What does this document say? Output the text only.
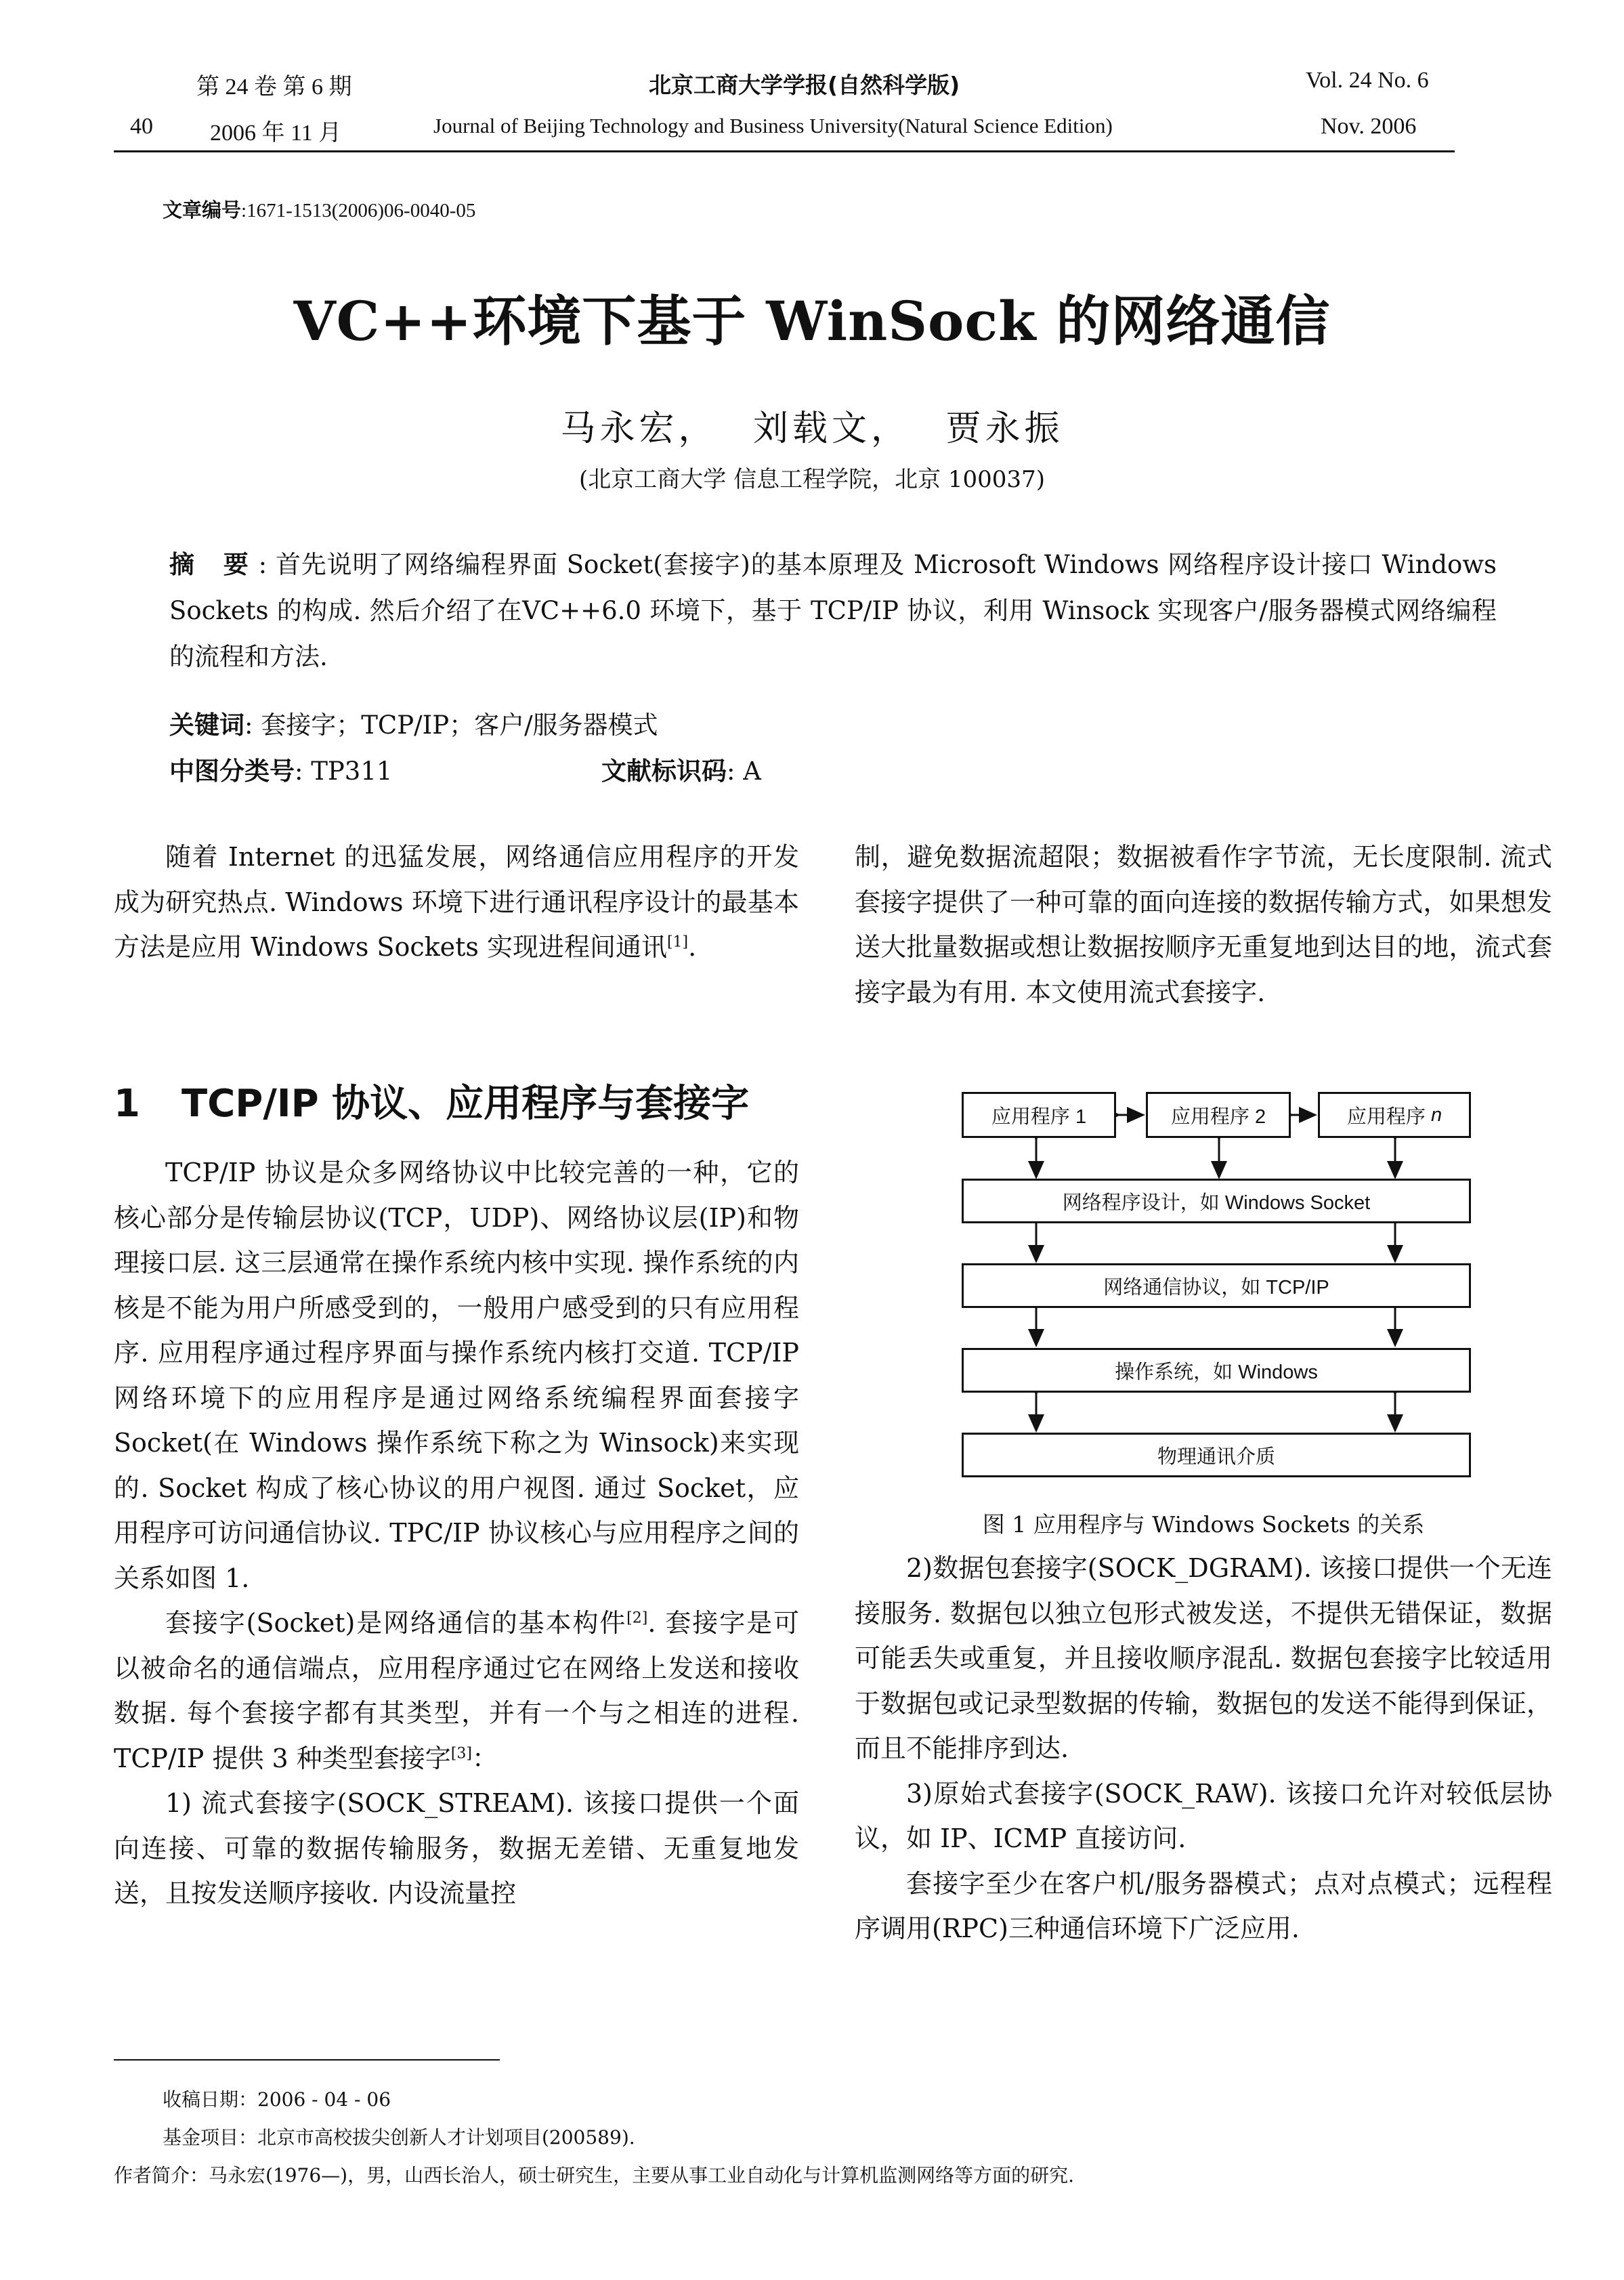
第 24 卷 第 6 期	北京工商大学学报(自然科学版)	Vol. 24 No. 6
40 2006 年 11 月	Journal of Beijing Technology and Business University(Natural Science Edition)	Nov. 2006
文章编号:1671-1513(2006)06-0040-05
VC++环境下基于 WinSock 的网络通信
马永宏， 刘载文， 贾永振
(北京工商大学 信息工程学院，北京 100037)
摘 要: 首先说明了网络编程界面 Socket(套接字)的基本原理及 Microsoft Windows 网络程序设计接口 Windows Sockets 的构成. 然后介绍了在VC++6.0 环境下，基于 TCP/IP 协议，利用 Winsock 实现客户/服务器模式网络编程的流程和方法.
关键词: 套接字；TCP/IP；客户/服务器模式
中图分类号: TP311	文献标识码: A

随着 Internet 的迅猛发展，网络通信应用程序的开发成为研究热点. Windows 环境下进行通讯程序设计的最基本方法是应用 Windows Sockets 实现进程间通讯[1].

1 TCP/IP 协议、应用程序与套接字

TCP/IP 协议是众多网络协议中比较完善的一种，它的核心部分是传输层协议(TCP，UDP)、网络协议层(IP)和物理接口层. 这三层通常在操作系统内核中实现. 操作系统的内核是不能为用户所感受到的，一般用户感受到的只有应用程序. 应用程序通过程序界面与操作系统内核打交道. TCP/IP 网络环境下的应用程序是通过网络系统编程界面套接字 Socket(在 Windows 操作系统下称之为 Winsock)来实现的. Socket 构成了核心协议的用户视图. 通过 Socket，应用程序可访问通信协议. TPC/IP 协议核心与应用程序之间的关系如图 1.

套接字(Socket)是网络通信的基本构件[2]. 套接字是可以被命名的通信端点，应用程序通过它在网络上发送和接收数据. 每个套接字都有其类型，并有一个与之相连的进程. TCP/IP 提供 3 种类型套接字[3]：

1) 流式套接字(SOCK_STREAM). 该接口提供一个面向连接、可靠的数据传输服务，数据无差错、无重复地发送，且按发送顺序接收. 内设流量控

制，避免数据流超限；数据被看作字节流，无长度限制. 流式套接字提供了一种可靠的面向连接的数据传输方式，如果想发送大批量数据或想让数据按顺序无重复地到达目的地，流式套接字最为有用. 本文使用流式套接字.

应用程序 1	应用程序 2	应用程序
n
网络程序设计，如 Windows Socket
网络通信协议，如 TCP/IP
操作系统，如 Windows
物理通讯介质
图 1 应用程序与 Windows Sockets 的关系

2)数据包套接字(SOCK_DGRAM). 该接口提供一个无连接服务. 数据包以独立包形式被发送，不提供无错保证，数据可能丢失或重复，并且接收顺序混乱. 数据包套接字比较适用于数据包或记录型数据的传输，数据包的发送不能得到保证，而且不能排序到达.

3)原始式套接字(SOCK_RAW). 该接口允许对较低层协议，如 IP、ICMP 直接访问.

套接字至少在客户机/服务器模式；点对点模式；远程程序调用(RPC)三种通信环境下广泛应用.

收稿日期：2006 - 04 - 06
基金项目：北京市高校拔尖创新人才计划项目(200589).
作者简介：马永宏(1976—)，男，山西长治人，硕士研究生，主要从事工业自动化与计算机监测网络等方面的研究.
